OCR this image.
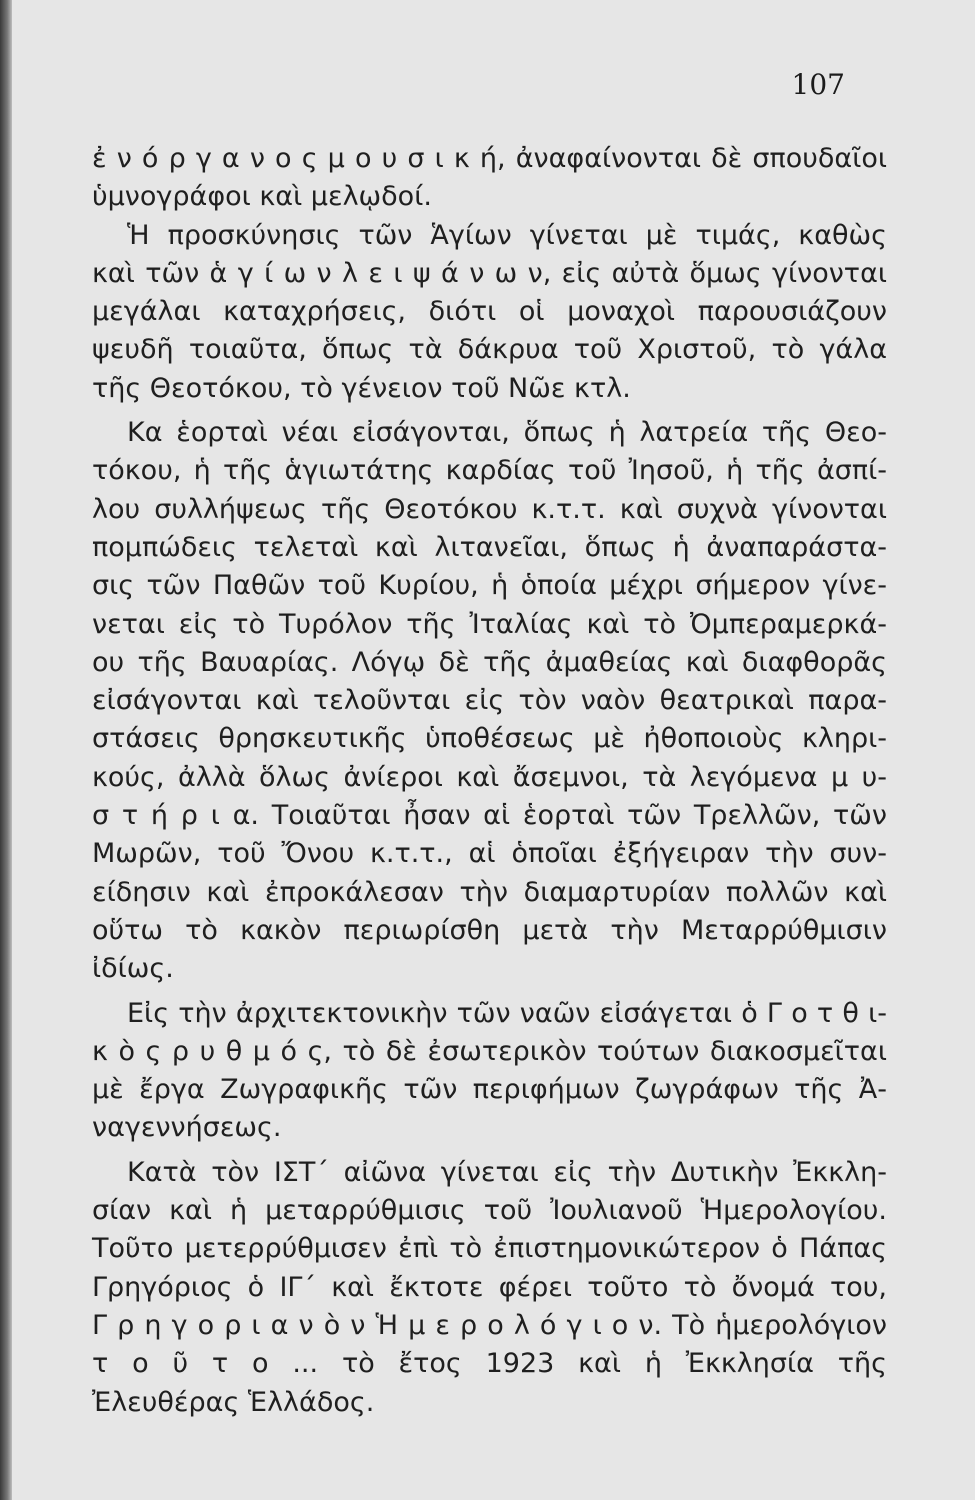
107
ἐ ν ό ρ γ α ν ο ς μ ο υ σ ι κ ή, ἀναφαίνονται δὲ σπουδαῖοι
ὑμνογράφοι καὶ μελῳδοί.
Ἡ προσκύνησις τῶν Ἁγίων γίνεται μὲ τιμάς, καθὼς
καὶ τῶν ἁ γ ί ω ν λ ε ι ψ ά ν ω ν, εἰς αὐτὰ ὅμως γίνονται
μεγάλαι καταχρήσεις, διότι οἱ μοναχοὶ παρουσιάζουν
ψευδῆ τοιαῦτα, ὅπως τὰ δάκρυα τοῦ Χριστοῦ, τὸ γάλα
τῆς Θεοτόκου, τὸ γένειον τοῦ Νῶε κτλ.
Κα ἑορταὶ νέαι εἰσάγονται, ὅπως ἡ λατρεία τῆς Θεο-
τόκου, ἡ τῆς ἁγιωτάτης καρδίας τοῦ Ἰησοῦ, ἡ τῆς ἀσπί-
λου συλλήψεως τῆς Θεοτόκου κ.τ.τ. καὶ συχνὰ γίνονται
πομπώδεις τελεταὶ καὶ λιτανεῖαι, ὅπως ἡ ἀναπαράστα-
σις τῶν Παθῶν τοῦ Κυρίου, ἡ ὁποία μέχρι σήμερον γίνε-
νεται εἰς τὸ Τυρόλον τῆς Ἰταλίας καὶ τὸ Ὀμπεραμερκά-
ου τῆς Βαυαρίας. Λόγῳ δὲ τῆς ἀμαθείας καὶ διαφθορᾶς
εἰσάγονται καὶ τελοῦνται εἰς τὸν ναὸν θεατρικαὶ παρα-
στάσεις θρησκευτικῆς ὑποθέσεως μὲ ἠθοποιοὺς κληρι-
κούς, ἀλλὰ ὅλως ἀνίεροι καὶ ἄσεμνοι, τὰ λεγόμενα μ υ-
σ τ ή ρ ι α. Τοιαῦται ἦσαν αἱ ἑορταὶ τῶν Τρελλῶν, τῶν
Μωρῶν, τοῦ Ὄνου κ.τ.τ., αἱ ὁποῖαι ἐξήγειραν τὴν συν-
είδησιν καὶ ἐπροκάλεσαν τὴν διαμαρτυρίαν πολλῶν καὶ
οὕτω τὸ κακὸν περιωρίσθη μετὰ τὴν Μεταρρύθμισιν
ἰδίως.
Εἰς τὴν ἀρχιτεκτονικὴν τῶν ναῶν εἰσάγεται ὁ Γ ο τ θ ι-
κ ὸ ς ρ υ θ μ ό ς, τὸ δὲ ἐσωτερικὸν τούτων διακοσμεῖται
μὲ ἔργα Ζωγραφικῆς τῶν περιφήμων ζωγράφων τῆς Ἀ-
ναγεννήσεως.
Κατὰ τὸν ΙΣΤ΄ αἰῶνα γίνεται εἰς τὴν Δυτικὴν Ἐκκλη-
σίαν καὶ ἡ μεταρρύθμισις τοῦ Ἰουλιανοῦ Ἡμερολογίου.
Τοῦτο μετερρύθμισεν ἐπὶ τὸ ἐπιστημονικώτερον ὁ Πάπας
Γρηγόριος ὁ ΙΓ΄ καὶ ἔκτοτε φέρει τοῦτο τὸ ὄνομά του,
Γ ρ η γ ο ρ ι α ν ὸ ν Ἡ μ ε ρ ο λ ό γ ι ο ν. Τὸ ἡμερολόγιον
τ ο ῦ τ ο ... τὸ ἔτος 1923 καὶ ἡ Ἐκκλησία τῆς
Ἐλευθέρας Ἑλλάδος.
